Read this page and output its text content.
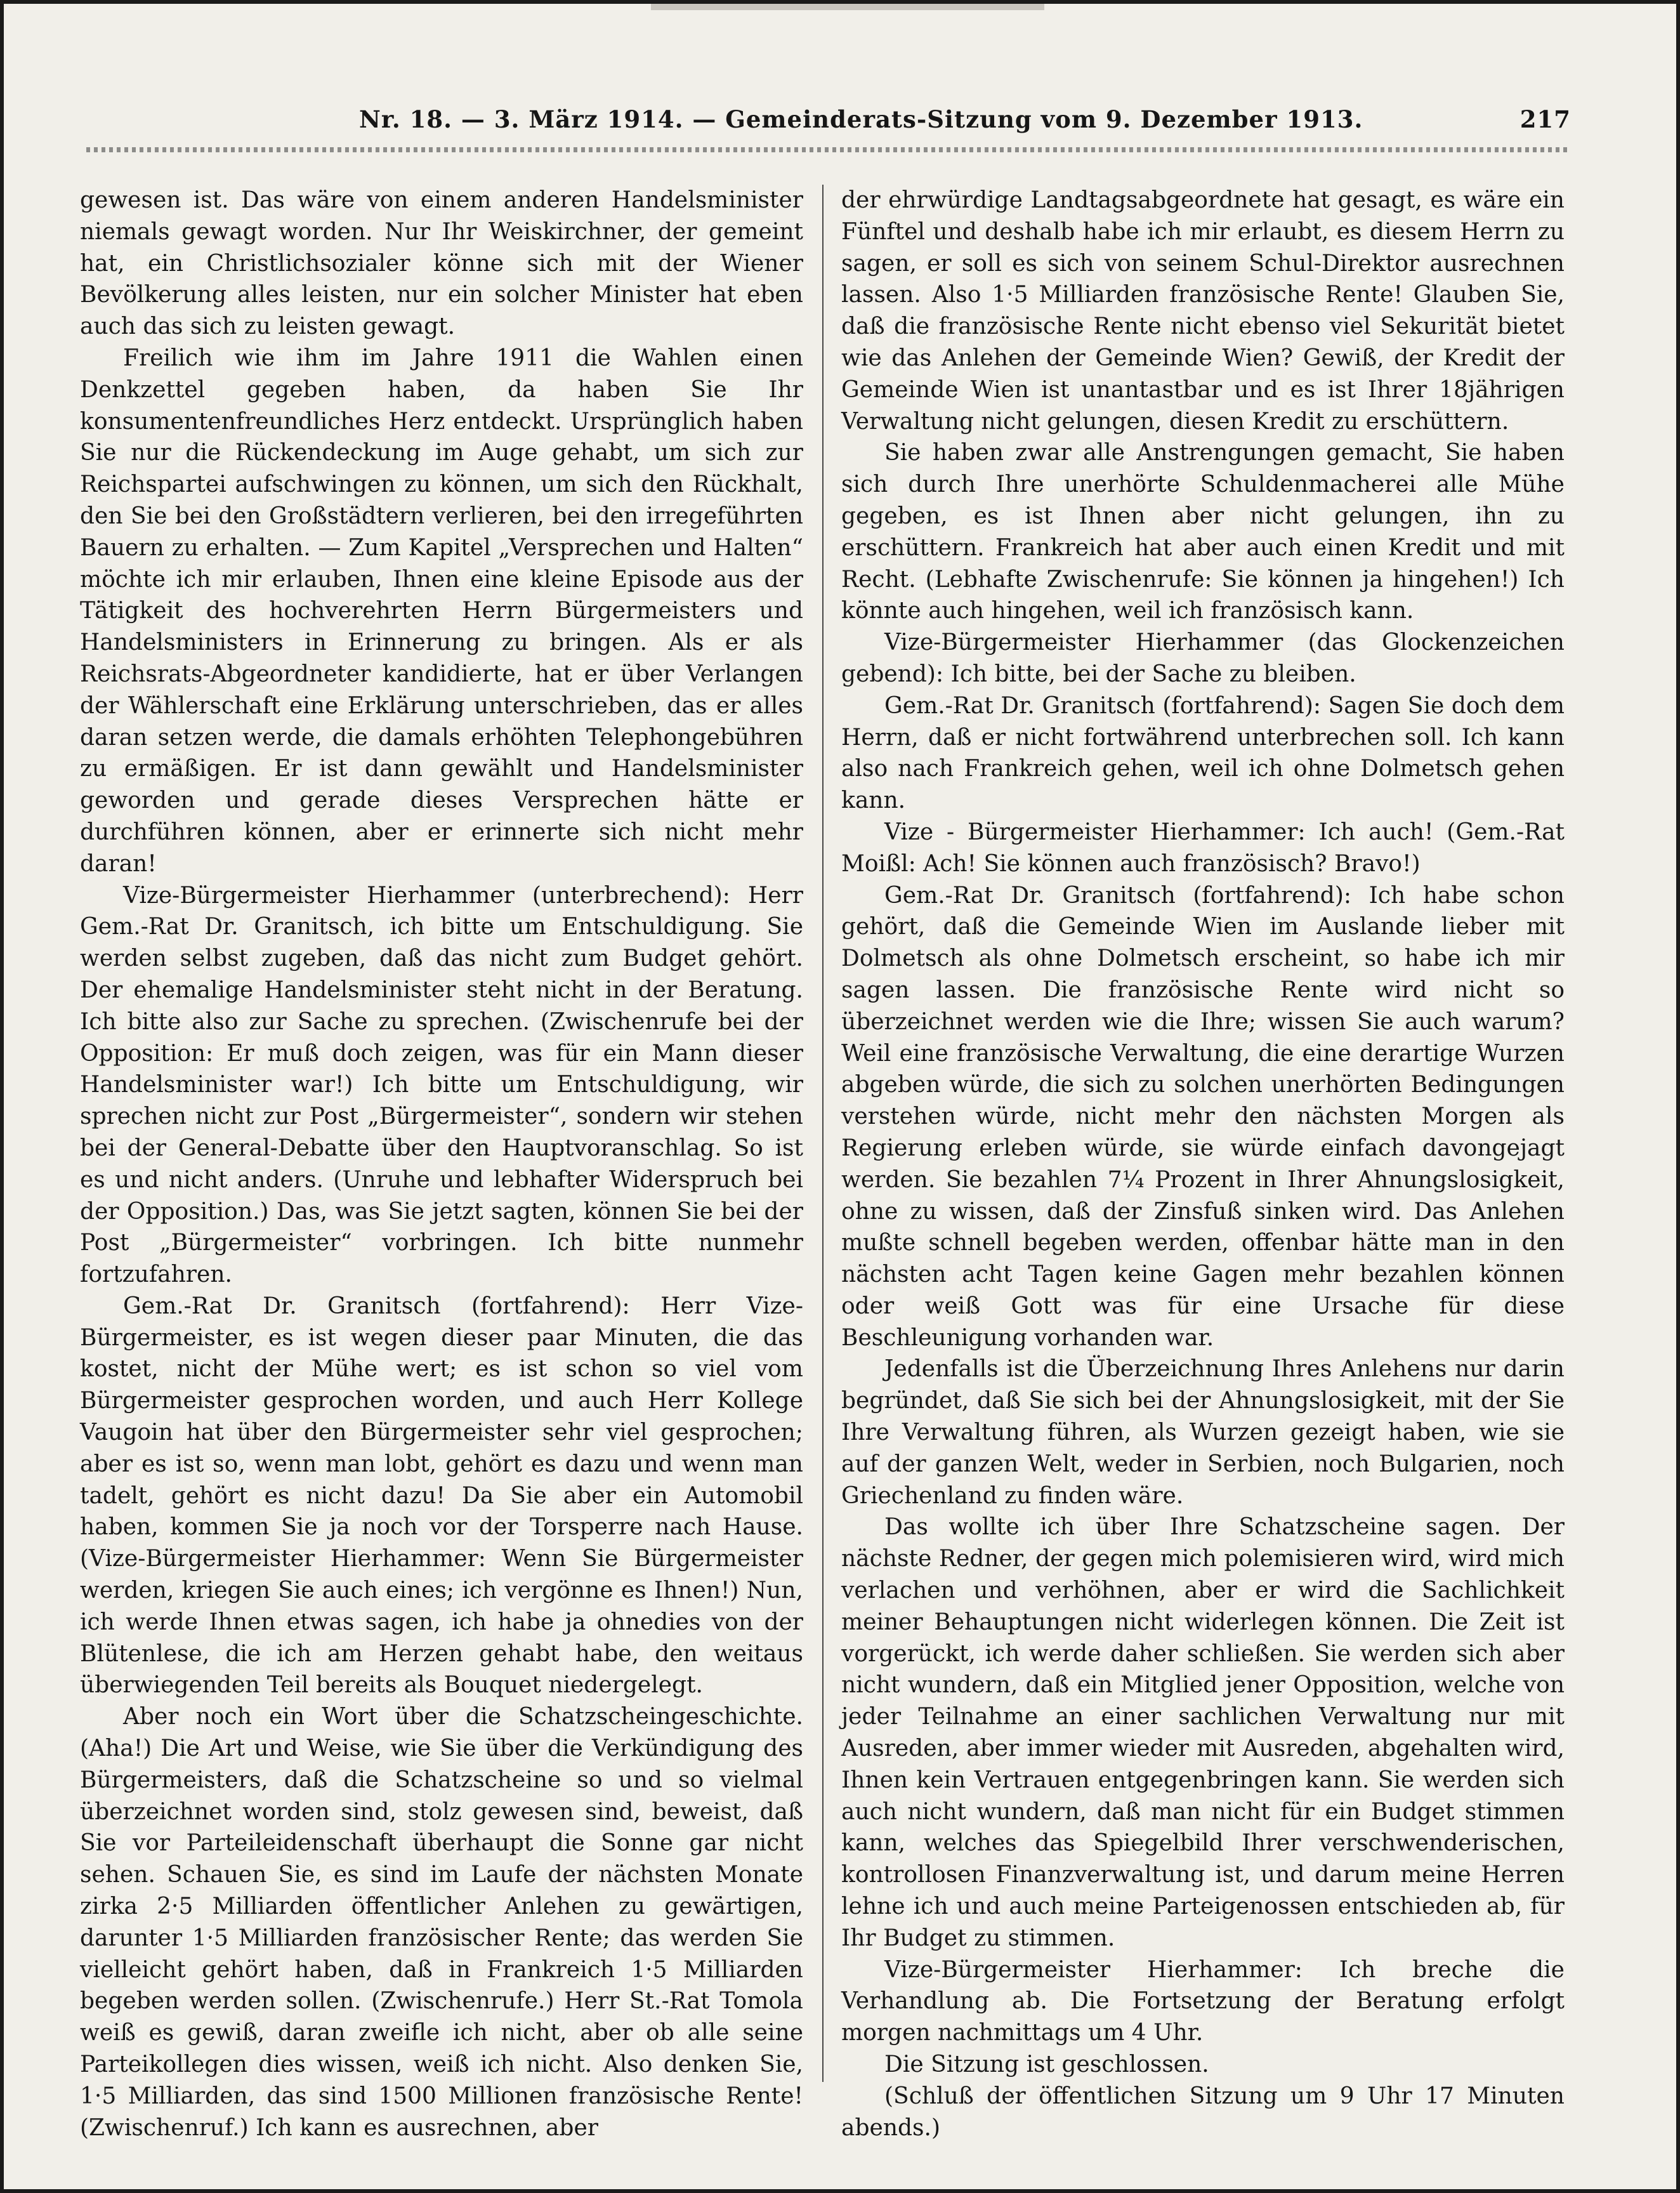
Nr. 18. — 3. März 1914. — Gemeinderats-Sitzung vom 9. Dezember 1913.	217

gewesen ist. Das wäre von einem anderen Handelsminister niemals gewagt worden. Nur Ihr Weiskirchner, der gemeint hat, ein Christlichsozialer könne sich mit der Wiener Bevölkerung alles leisten, nur ein solcher Minister hat eben auch das sich zu leisten gewagt.

Freilich wie ihm im Jahre 1911 die Wahlen einen Denkzettel gegeben haben, da haben Sie Ihr konsumentenfreundliches Herz entdeckt. Ursprünglich haben Sie nur die Rückendeckung im Auge gehabt, um sich zur Reichspartei aufschwingen zu können, um sich den Rückhalt, den Sie bei den Großstädtern verlieren, bei den irregeführten Bauern zu erhalten. — Zum Kapitel „Versprechen und Halten“ möchte ich mir erlauben, Ihnen eine kleine Episode aus der Tätigkeit des hochverehrten Herrn Bürgermeisters und Handelsministers in Erinnerung zu bringen. Als er als Reichsrats-Abgeordneter kandidierte, hat er über Verlangen der Wählerschaft eine Erklärung unterschrieben, das er alles daran setzen werde, die damals erhöhten Telephongebühren zu ermäßigen. Er ist dann gewählt und Handelsminister geworden und gerade dieses Versprechen hätte er durchführen können, aber er erinnerte sich nicht mehr daran!

Vize-Bürgermeister Hierhammer (unterbrechend): Herr Gem.-Rat Dr. Granitsch, ich bitte um Entschuldigung. Sie werden selbst zugeben, daß das nicht zum Budget gehört. Der ehemalige Handelsminister steht nicht in der Beratung. Ich bitte also zur Sache zu sprechen. (Zwischenrufe bei der Opposition: Er muß doch zeigen, was für ein Mann dieser Handelsminister war!) Ich bitte um Entschuldigung, wir sprechen nicht zur Post „Bürgermeister“, sondern wir stehen bei der General-Debatte über den Hauptvoranschlag. So ist es und nicht anders. (Unruhe und lebhafter Widerspruch bei der Opposition.) Das, was Sie jetzt sagten, können Sie bei der Post „Bürgermeister“ vorbringen. Ich bitte nunmehr fortzufahren.

Gem.-Rat Dr. Granitsch (fortfahrend): Herr Vize-Bürgermeister, es ist wegen dieser paar Minuten, die das kostet, nicht der Mühe wert; es ist schon so viel vom Bürgermeister gesprochen worden, und auch Herr Kollege Vaugoin hat über den Bürgermeister sehr viel gesprochen; aber es ist so, wenn man lobt, gehört es dazu und wenn man tadelt, gehört es nicht dazu! Da Sie aber ein Automobil haben, kommen Sie ja noch vor der Torsperre nach Hause. (Vize-Bürgermeister Hierhammer: Wenn Sie Bürgermeister werden, kriegen Sie auch eines; ich vergönne es Ihnen!) Nun, ich werde Ihnen etwas sagen, ich habe ja ohnedies von der Blütenlese, die ich am Herzen gehabt habe, den weitaus überwiegenden Teil bereits als Bouquet niedergelegt.

Aber noch ein Wort über die Schatzscheingeschichte. (Aha!) Die Art und Weise, wie Sie über die Verkündigung des Bürgermeisters, daß die Schatzscheine so und so vielmal überzeichnet worden sind, stolz gewesen sind, beweist, daß Sie vor Parteileidenschaft überhaupt die Sonne gar nicht sehen. Schauen Sie, es sind im Laufe der nächsten Monate zirka 2·5 Milliarden öffentlicher Anlehen zu gewärtigen, darunter 1·5 Milliarden französischer Rente; das werden Sie vielleicht gehört haben, daß in Frankreich 1·5 Milliarden begeben werden sollen. (Zwischenrufe.) Herr St.-Rat Tomola weiß es gewiß, daran zweifle ich nicht, aber ob alle seine Parteikollegen dies wissen, weiß ich nicht. Also denken Sie, 1·5 Milliarden, das sind 1500 Millionen französische Rente! (Zwischenruf.) Ich kann es ausrechnen, aber

der ehrwürdige Landtagsabgeordnete hat gesagt, es wäre ein Fünftel und deshalb habe ich mir erlaubt, es diesem Herrn zu sagen, er soll es sich von seinem Schul-Direktor ausrechnen lassen. Also 1·5 Milliarden französische Rente! Glauben Sie, daß die französische Rente nicht ebenso viel Sekurität bietet wie das Anlehen der Gemeinde Wien? Gewiß, der Kredit der Gemeinde Wien ist unantastbar und es ist Ihrer 18jährigen Verwaltung nicht gelungen, diesen Kredit zu erschüttern.

Sie haben zwar alle Anstrengungen gemacht, Sie haben sich durch Ihre unerhörte Schuldenmacherei alle Mühe gegeben, es ist Ihnen aber nicht gelungen, ihn zu erschüttern. Frankreich hat aber auch einen Kredit und mit Recht. (Lebhafte Zwischenrufe: Sie können ja hingehen!) Ich könnte auch hingehen, weil ich französisch kann.

Vize-Bürgermeister Hierhammer (das Glockenzeichen gebend): Ich bitte, bei der Sache zu bleiben.

Gem.-Rat Dr. Granitsch (fortfahrend): Sagen Sie doch dem Herrn, daß er nicht fortwährend unterbrechen soll. Ich kann also nach Frankreich gehen, weil ich ohne Dolmetsch gehen kann.

Vize - Bürgermeister Hierhammer: Ich auch! (Gem.-Rat Moißl: Ach! Sie können auch französisch? Bravo!)

Gem.-Rat Dr. Granitsch (fortfahrend): Ich habe schon gehört, daß die Gemeinde Wien im Auslande lieber mit Dolmetsch als ohne Dolmetsch erscheint, so habe ich mir sagen lassen. Die französische Rente wird nicht so überzeichnet werden wie die Ihre; wissen Sie auch warum? Weil eine französische Verwaltung, die eine derartige Wurzen abgeben würde, die sich zu solchen unerhörten Bedingungen verstehen würde, nicht mehr den nächsten Morgen als Regierung erleben würde, sie würde einfach davongejagt werden. Sie bezahlen 7¼ Prozent in Ihrer Ahnungslosigkeit, ohne zu wissen, daß der Zinsfuß sinken wird. Das Anlehen mußte schnell begeben werden, offenbar hätte man in den nächsten acht Tagen keine Gagen mehr bezahlen können oder weiß Gott was für eine Ursache für diese Beschleunigung vorhanden war.

Jedenfalls ist die Überzeichnung Ihres Anlehens nur darin begründet, daß Sie sich bei der Ahnungslosigkeit, mit der Sie Ihre Verwaltung führen, als Wurzen gezeigt haben, wie sie auf der ganzen Welt, weder in Serbien, noch Bulgarien, noch Griechenland zu finden wäre.

Das wollte ich über Ihre Schatzscheine sagen. Der nächste Redner, der gegen mich polemisieren wird, wird mich verlachen und verhöhnen, aber er wird die Sachlichkeit meiner Behauptungen nicht widerlegen können. Die Zeit ist vorgerückt, ich werde daher schließen. Sie werden sich aber nicht wundern, daß ein Mitglied jener Opposition, welche von jeder Teilnahme an einer sachlichen Verwaltung nur mit Ausreden, aber immer wieder mit Ausreden, abgehalten wird, Ihnen kein Vertrauen entgegenbringen kann. Sie werden sich auch nicht wundern, daß man nicht für ein Budget stimmen kann, welches das Spiegelbild Ihrer verschwenderischen, kontrollosen Finanzverwaltung ist, und darum meine Herren lehne ich und auch meine Parteigenossen entschieden ab, für Ihr Budget zu stimmen.

Vize-Bürgermeister Hierhammer: Ich breche die Verhandlung ab. Die Fortsetzung der Beratung erfolgt morgen nachmittags um 4 Uhr.

Die Sitzung ist geschlossen.

(Schluß der öffentlichen Sitzung um 9 Uhr 17 Minuten abends.)
